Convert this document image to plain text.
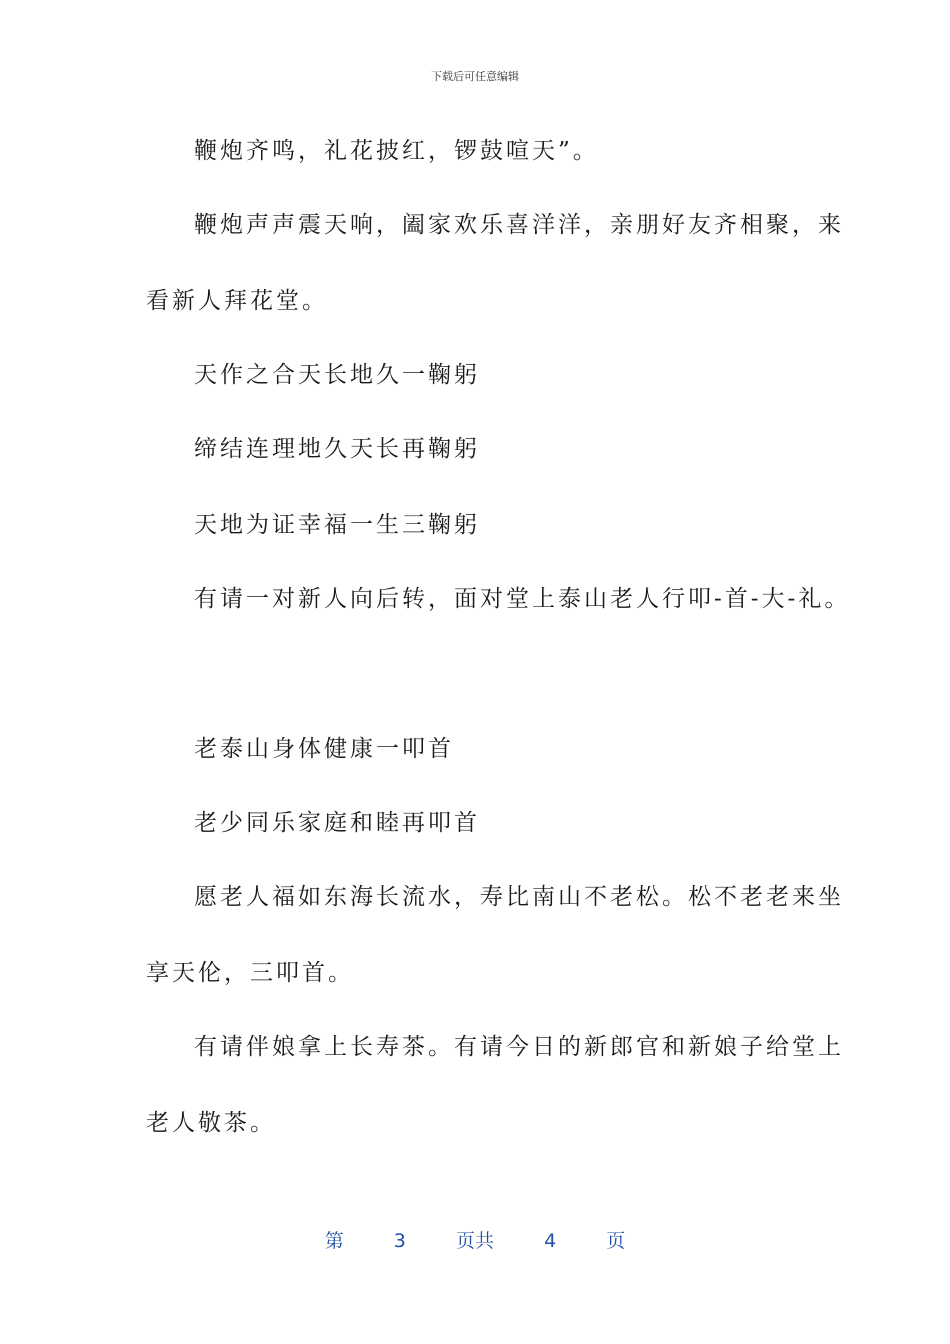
下载后可任意编辑
鞭炮齐鸣，礼花披红，锣鼓喧天”。
鞭炮声声震天响，阖家欢乐喜洋洋，亲朋好友齐相聚，来
看新人拜花堂。
天作之合天长地久一鞠躬
缔结连理地久天长再鞠躬
天地为证幸福一生三鞠躬
有请一对新人向后转，面对堂上泰山老人行叩-首-大-礼。
老泰山身体健康一叩首
老少同乐家庭和睦再叩首
愿老人福如东海长流水，寿比南山不老松。松不老老来坐
享天伦，三叩首。
有请伴娘拿上长寿茶。有请今日的新郎官和新娘子给堂上
老人敬茶。
第	3	页共	4	页
